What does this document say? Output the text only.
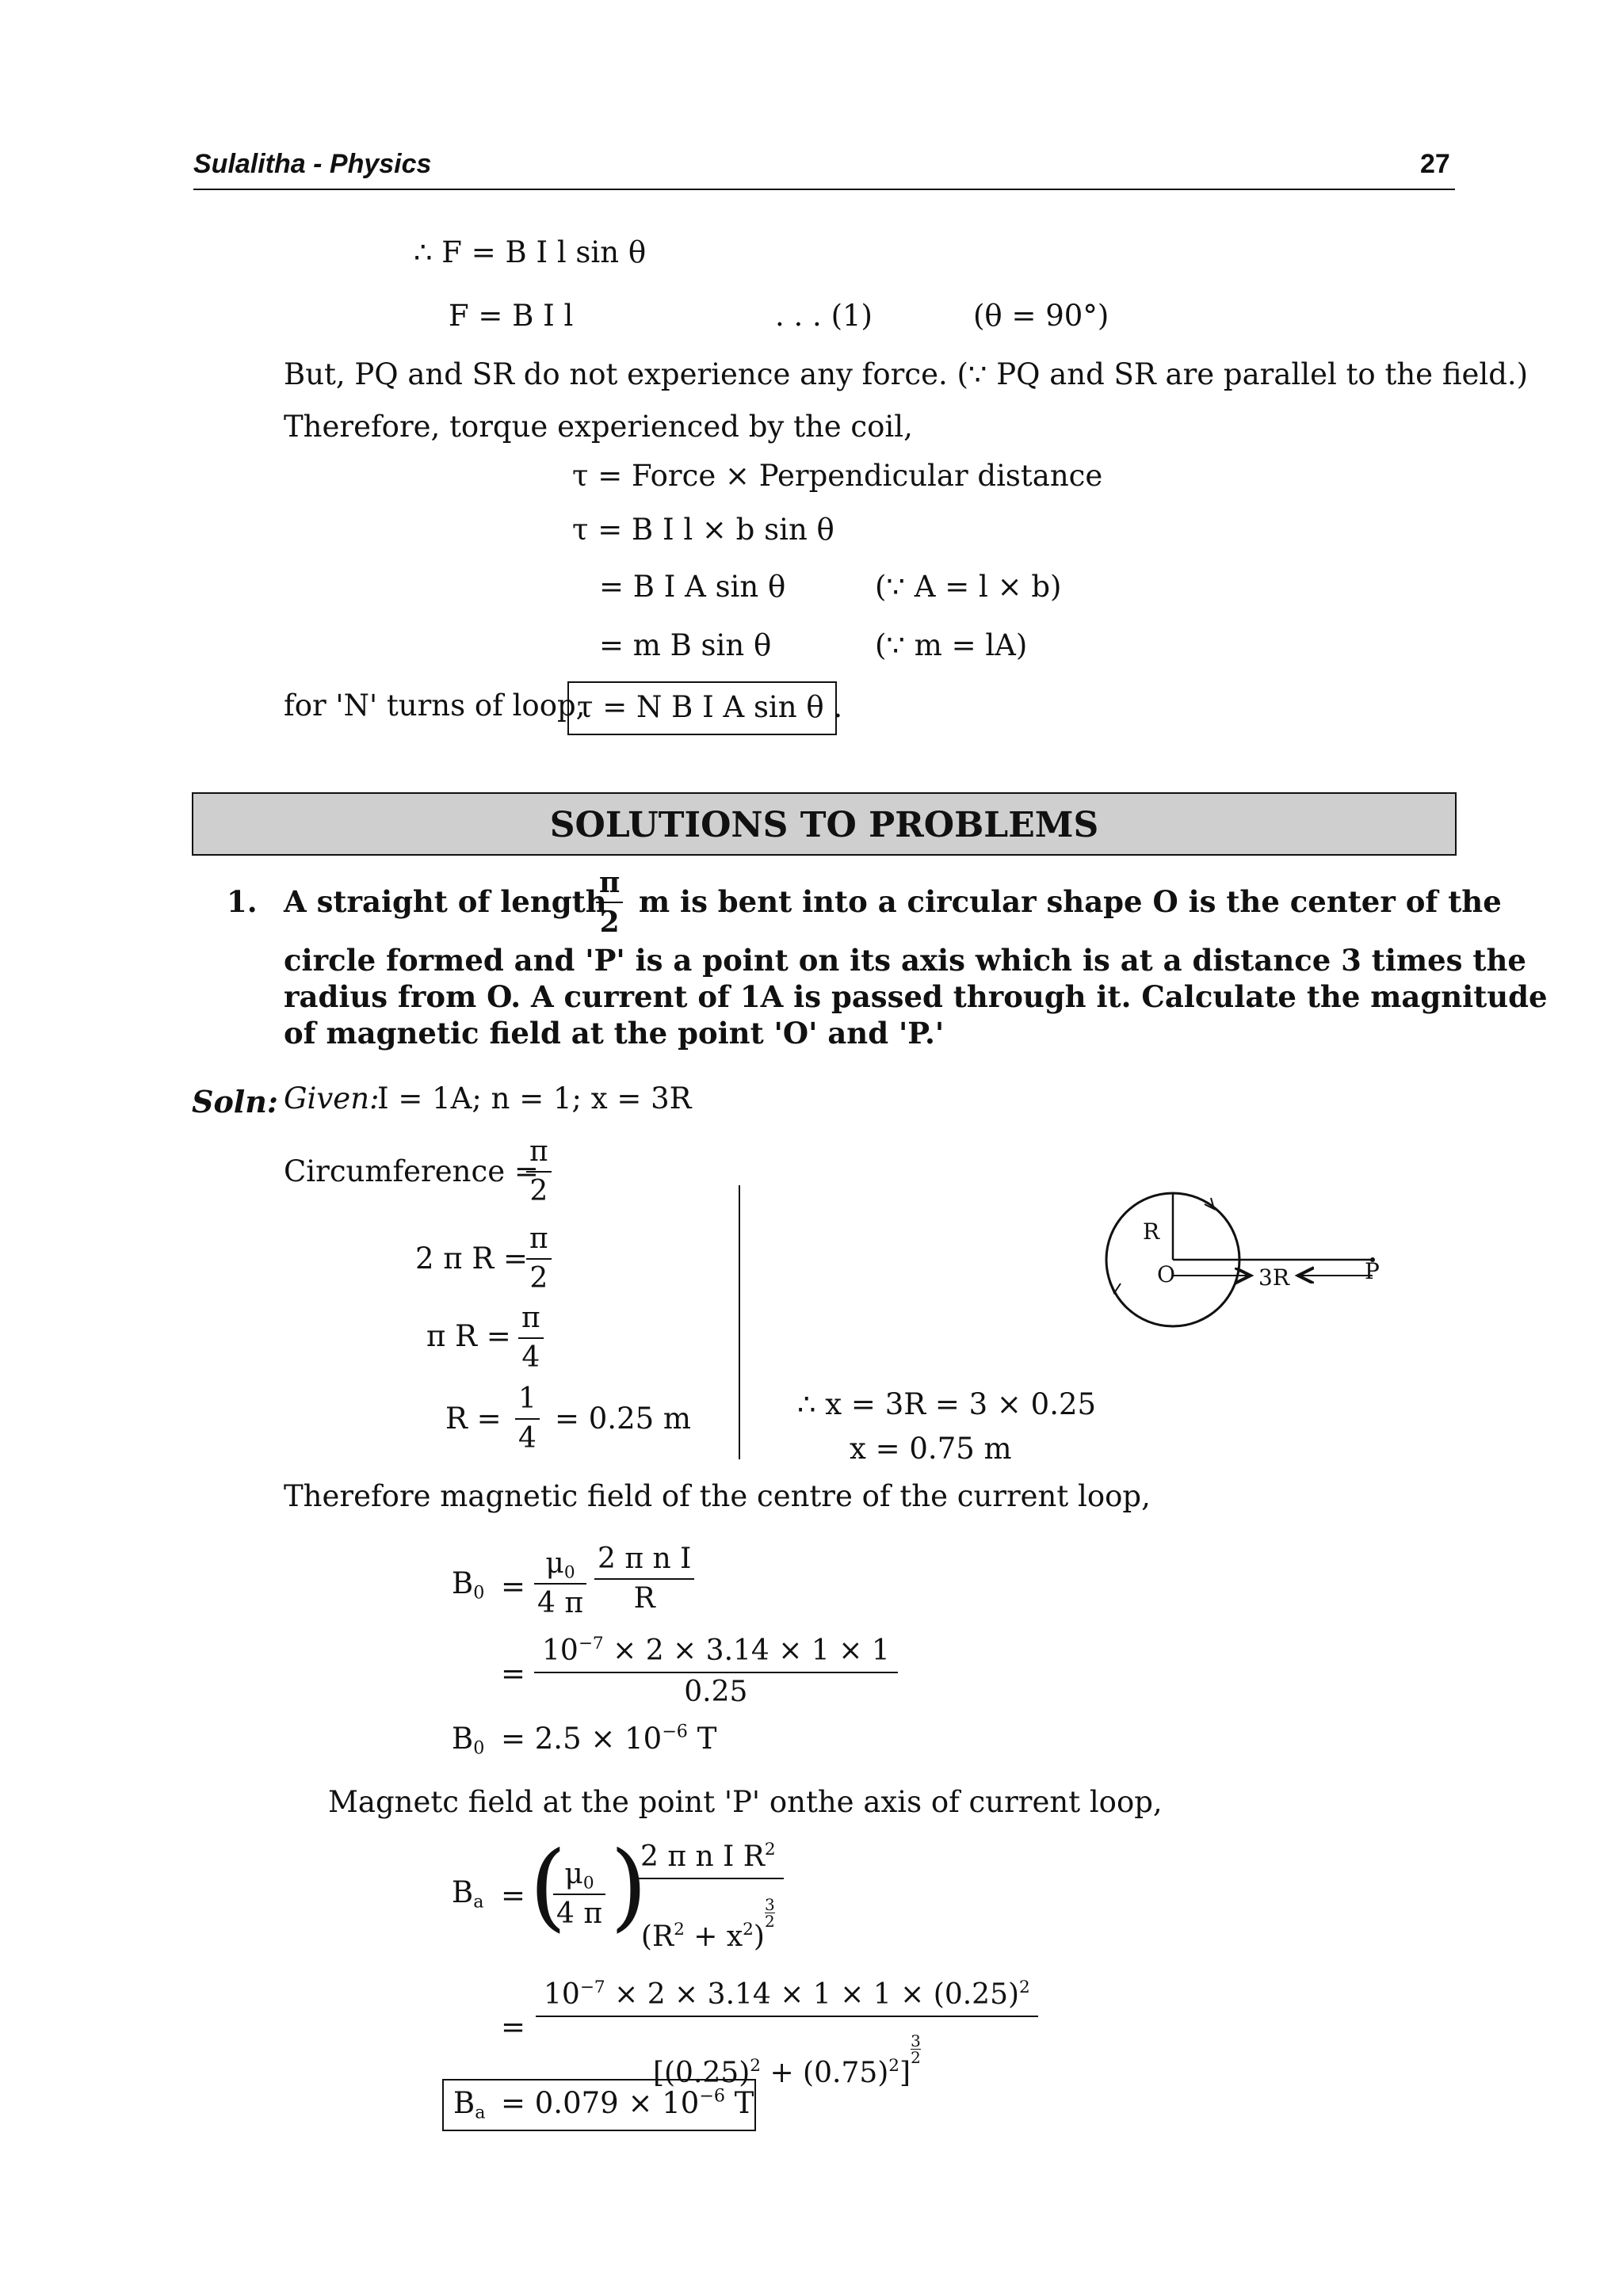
Sulalitha - Physics	27
∴ F = B I l sin θ
F = B I l	. . . (1)	(θ = 90°)
But, PQ and SR do not experience any force. (∵ PQ and SR are parallel to the field.)
Therefore, torque experienced by the coil,
τ = Force × Perpendicular distance
τ = B I l × b sin θ
= B I A sin θ	(∵ A = l × b)
= m B sin θ	(∵ m = lA)
for 'N' turns of loop,
τ = N B I A sin θ .
SOLUTIONS TO PROBLEMS
1. A straight of length
$\frac{\pi}{2}$ m is bent into a circular shape O is the center of the
circle formed and 'P' is a point on its axis which is at a distance 3 times the
radius from O. A current of 1A is passed through it. Calculate the magnitude
of magnetic field at the point 'O' and 'P.'
Soln: Given:
I = 1A; n = 1; x = 3R
Circumference =
$\frac{\pi}{2}$
2 π R =
$\frac{\pi}{2}$
π $R = \frac{\pi}{4}$
$R = \frac{1}{4} = 0.25$ m
R
O	3R	P
∴ x = 3R = 3 × 0.25
x = 0.75 m
Therefore magnetic field of the centre of the current loop,
$B_0 = \frac{\mu_0}{4 \pi} \frac{\text{2 π n I}}{R}$
= $\frac{10^{-7} \times 2 \times 3.14 \times 1 \times 1}{0.25}$
$B_0 = 2.5 \times 10^{-6}$ T
Magnetc field at the point 'P' onthe axis of current loop,
$B_a$ = (
$\frac{\mu_0}{4 \pi}$ )
2 π n I $R^2$
$(R^2 + x^2)$
$\frac{3}{2}$
= $10^{-7} \times 2 \times 3.14 \times 1 \times 1 \times (0.25)^2$
$[(0.25)^2 + (0.75)^2]$
$\frac{3}{2}$
$B_a = 0.079 \times 10^{-6}$ T
